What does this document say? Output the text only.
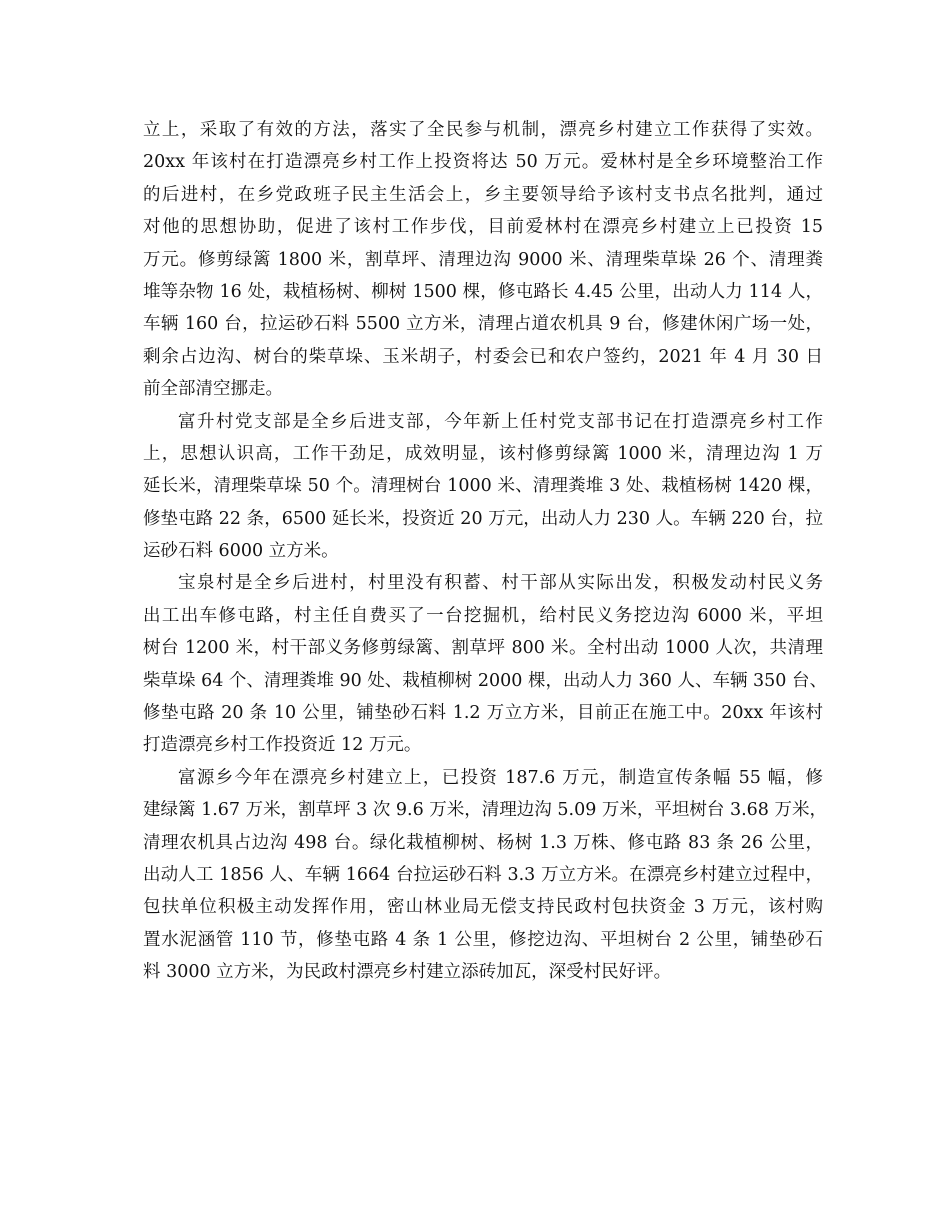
立上，采取了有效的方法，落实了全民参与机制，漂亮乡村建立工作获得了实效。
20xx 年该村在打造漂亮乡村工作上投资将达 50 万元。爱林村是全乡环境整治工作
的后进村，在乡党政班子民主生活会上，乡主要领导给予该村支书点名批判，通过
对他的思想协助，促进了该村工作步伐，目前爱林村在漂亮乡村建立上已投资 15
万元。修剪绿篱 1800 米，割草坪、清理边沟 9000 米、清理柴草垛 26 个、清理粪
堆等杂物 16 处，栽植杨树、柳树 1500 棵，修屯路长 4.45 公里，出动人力 114 人，
车辆 160 台，拉运砂石料 5500 立方米，清理占道农机具 9 台，修建休闲广场一处，
剩余占边沟、树台的柴草垛、玉米胡子，村委会已和农户签约，2021 年 4 月 30 日
前全部清空挪走。
富升村党支部是全乡后进支部，今年新上任村党支部书记在打造漂亮乡村工作
上，思想认识高，工作干劲足，成效明显，该村修剪绿篱 1000 米，清理边沟 1 万
延长米，清理柴草垛 50 个。清理树台 1000 米、清理粪堆 3 处、栽植杨树 1420 棵，
修垫屯路 22 条，6500 延长米，投资近 20 万元，出动人力 230 人。车辆 220 台，拉
运砂石料 6000 立方米。
宝泉村是全乡后进村，村里没有积蓄、村干部从实际出发，积极发动村民义务
出工出车修屯路，村主任自费买了一台挖掘机，给村民义务挖边沟 6000 米，平坦
树台 1200 米，村干部义务修剪绿篱、割草坪 800 米。全村出动 1000 人次，共清理
柴草垛 64 个、清理粪堆 90 处、栽植柳树 2000 棵，出动人力 360 人、车辆 350 台、
修垫屯路 20 条 10 公里，铺垫砂石料 1.2 万立方米，目前正在施工中。20xx 年该村
打造漂亮乡村工作投资近 12 万元。
富源乡今年在漂亮乡村建立上，已投资 187.6 万元，制造宣传条幅 55 幅，修
建绿篱 1.67 万米，割草坪 3 次 9.6 万米，清理边沟 5.09 万米，平坦树台 3.68 万米，
清理农机具占边沟 498 台。绿化栽植柳树、杨树 1.3 万株、修屯路 83 条 26 公里，
出动人工 1856 人、车辆 1664 台拉运砂石料 3.3 万立方米。在漂亮乡村建立过程中，
包扶单位积极主动发挥作用，密山林业局无偿支持民政村包扶资金 3 万元，该村购
置水泥涵管 110 节，修垫屯路 4 条 1 公里，修挖边沟、平坦树台 2 公里，铺垫砂石
料 3000 立方米，为民政村漂亮乡村建立添砖加瓦，深受村民好评。
